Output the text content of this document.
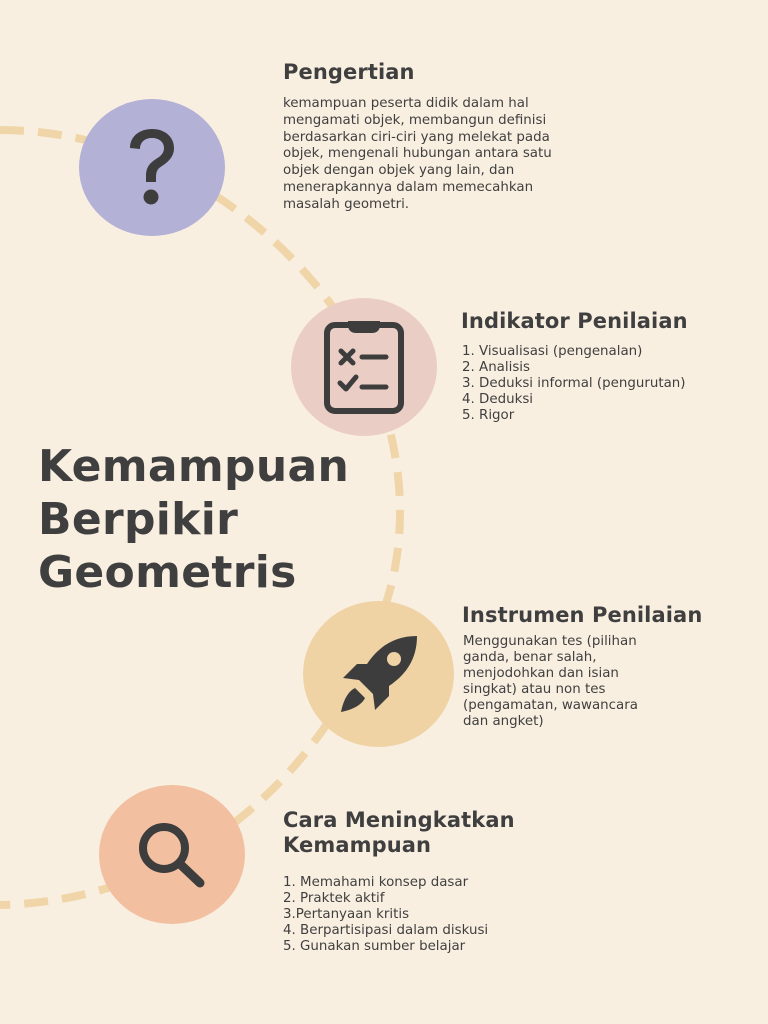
Pengertian
kemampuan peserta didik dalam hal
mengamati objek, membangun definisi
berdasarkan ciri-ciri yang melekat pada
objek, mengenali hubungan antara satu
objek dengan objek yang lain, dan
menerapkannya dalam memecahkan
masalah geometri.
Indikator Penilaian
1. Visualisasi (pengenalan)
2. Analisis
3. Deduksi informal (pengurutan)
4. Deduksi
5. Rigor
Kemampuan
Berpikir
Geometris
Instrumen Penilaian
Menggunakan tes (pilihan
ganda, benar salah,
menjodohkan dan isian
singkat) atau non tes
(pengamatan, wawancara
dan angket)
Cara Meningkatkan
Kemampuan
1. Memahami konsep dasar
2. Praktek aktif
3.Pertanyaan kritis
4. Berpartisipasi dalam diskusi
5. Gunakan sumber belajar
